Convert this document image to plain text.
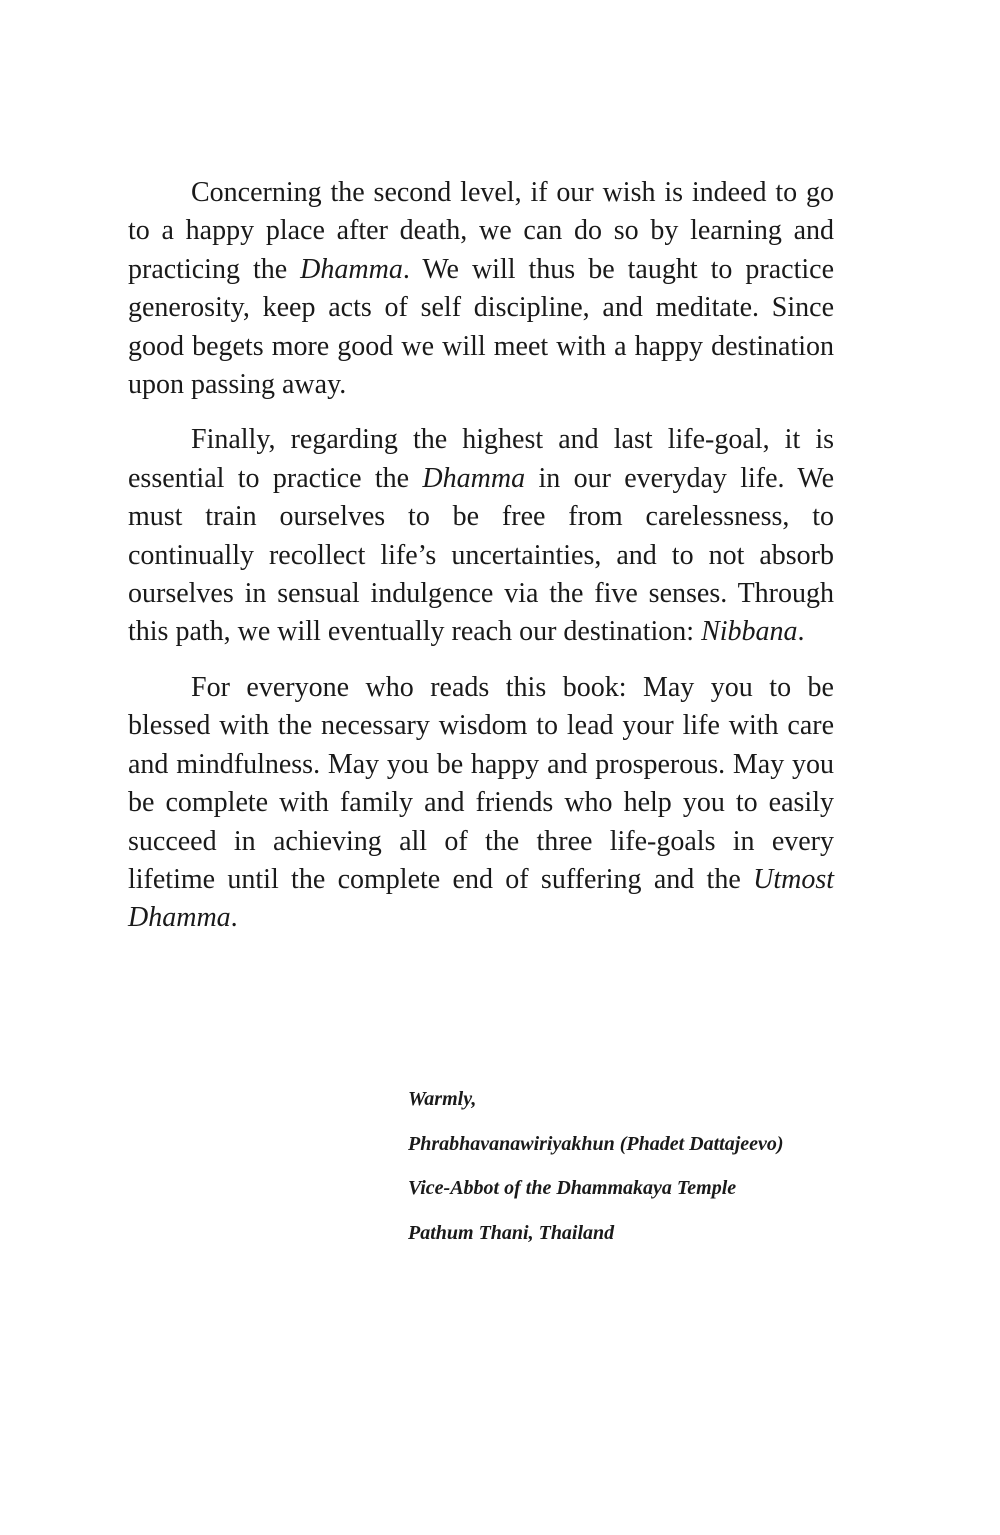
Concerning the second level, if our wish is indeed to go to a happy place after death, we can do so by learning and practicing the Dhamma. We will thus be taught to practice generosity, keep acts of self discipline, and meditate. Since good begets more good we will meet with a happy destination upon passing away.

Finally, regarding the highest and last life-goal, it is essential to practice the Dhamma in our everyday life. We must train ourselves to be free from carelessness, to continually recollect life’s uncertainties, and to not absorb ourselves in sensual indulgence via the five senses. Through this path, we will eventually reach our destination: Nibbana.

For everyone who reads this book: May you to be blessed with the necessary wisdom to lead your life with care and mindfulness. May you be happy and prosperous. May you be complete with family and friends who help you to easily succeed in achieving all of the three life-goals in every lifetime until the complete end of suffering and the Utmost Dhamma.

Warmly,
Phrabhavanawiriyakhun (Phadet Dattajeevo)
Vice-Abbot of the Dhammakaya Temple
Pathum Thani, Thailand
